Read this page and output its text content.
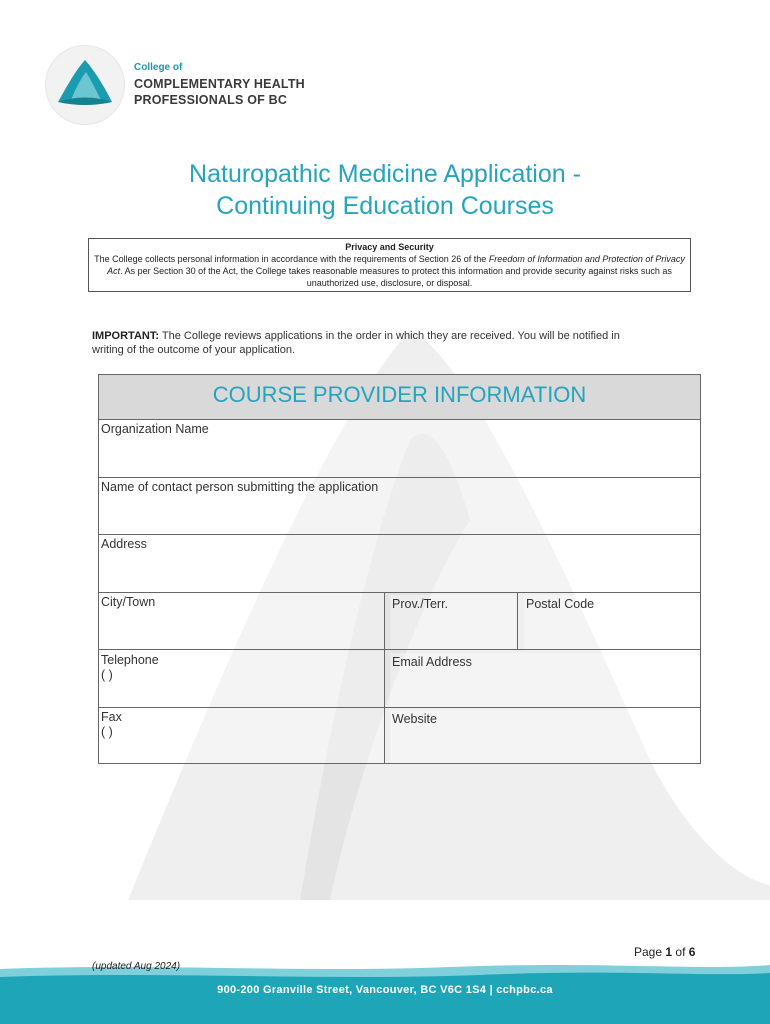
College of
COMPLEMENTARY HEALTH
PROFESSIONALS OF BC
Naturopathic Medicine Application -
Continuing Education Courses
Privacy and Security
The College collects personal information in accordance with the requirements of Section 26 of the Freedom of Information and Protection of Privacy Act. As per Section 30 of the Act, the College takes reasonable measures to protect this information and provide security against risks such as unauthorized use, disclosure, or disposal.
IMPORTANT: The College reviews applications in the order in which they are received. You will be notified in writing of the outcome of your application.
COURSE PROVIDER INFORMATION
Organization Name
Name of contact person submitting the application
Address
City/Town	Prov./Terr.	Postal Code
Telephone
( )
Email Address
Fax
( )
Website
Page 1 of 6
(updated Aug 2024)
900-200 Granville Street, Vancouver, BC V6C 1S4 | cchpbc.ca
